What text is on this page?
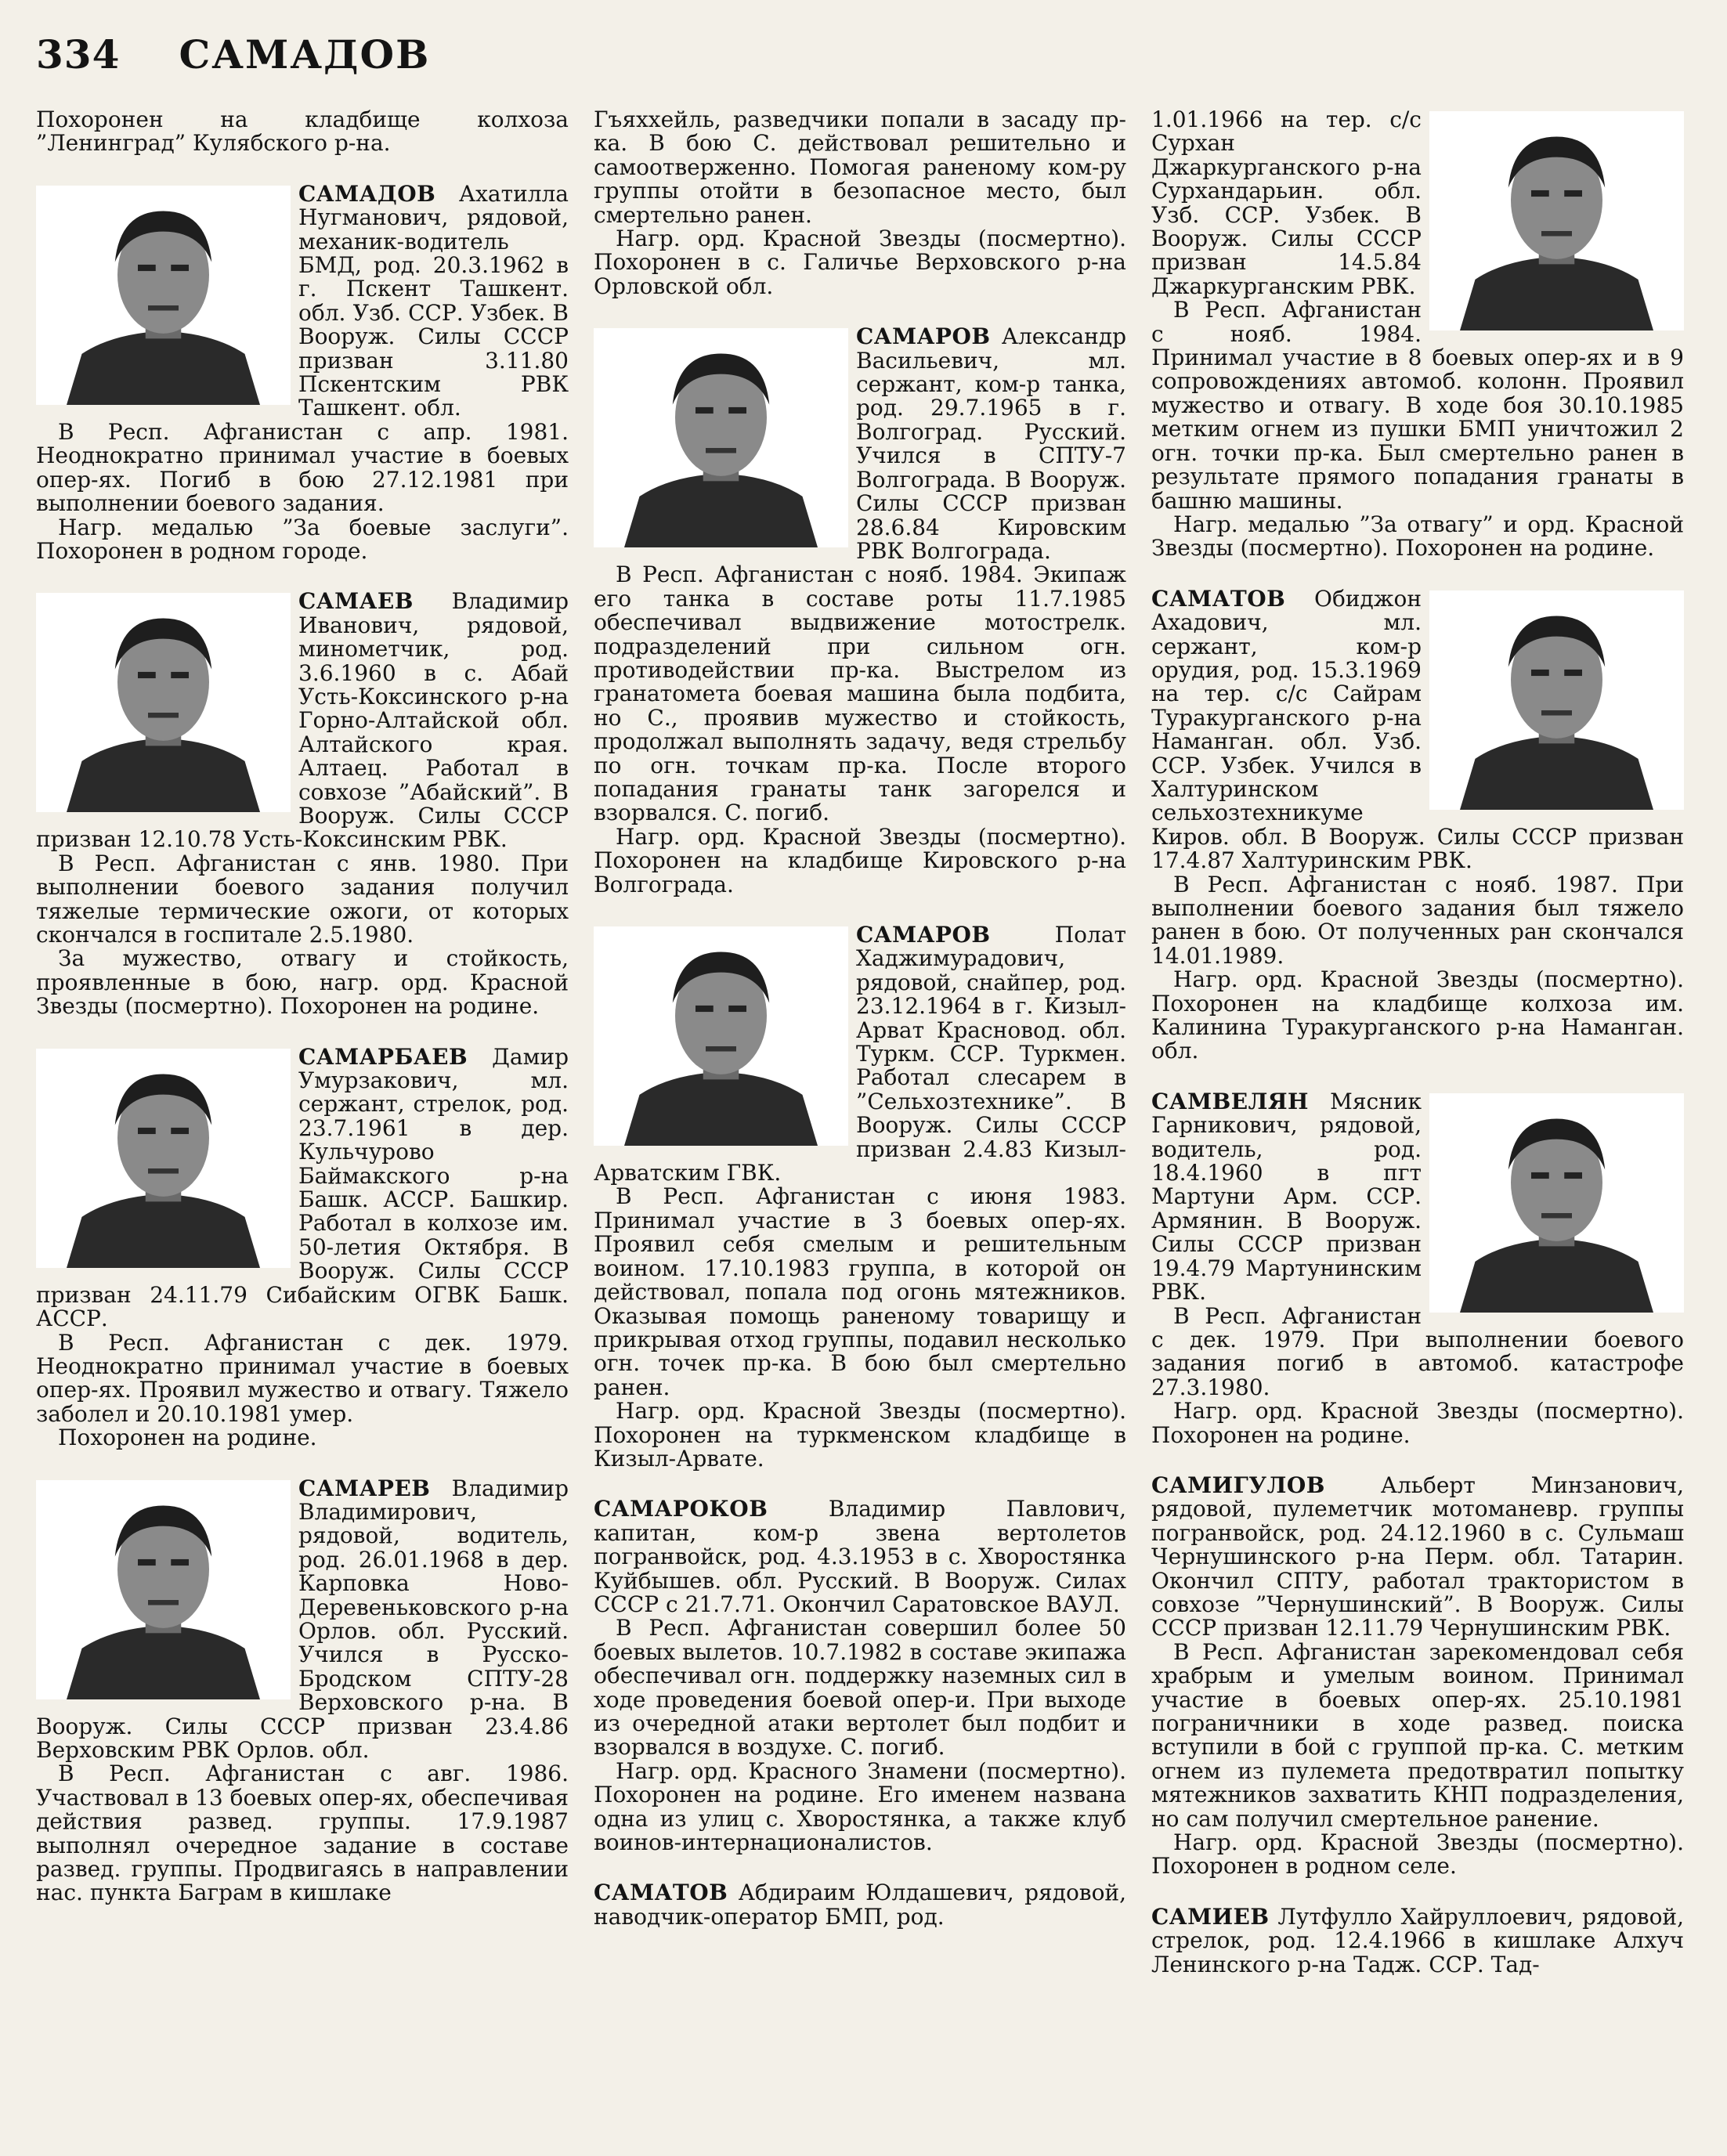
334 САМАДОВ

Похоронен на кладбище колхоза ”Ленинград” Кулябского р-на.

САМАДОВ Ахатилла Нугманович, рядовой, механик-водитель БМД, род. 20.3.1962 в г. Пскент Ташкент. обл. Узб. ССР. Узбек. В Вооруж. Силы СССР призван 3.11.80 Пскентским РВК Ташкент. обл.

В Респ. Афганистан с апр. 1981. Неоднократно принимал участие в боевых опер-ях. Погиб в бою 27.12.1981 при выполнении боевого задания.

Нагр. медалью ”За боевые заслуги”. Похоронен в родном городе.

САМАЕВ Владимир Иванович, рядовой, минометчик, род. 3.6.1960 в с. Абай Усть-Коксинского р-на Горно-Алтайской обл. Алтайского края. Алтаец. Работал в совхозе ”Абайский”. В Вооруж. Силы СССР призван 12.10.78 Усть-Коксинским РВК.

В Респ. Афганистан с янв. 1980. При выполнении боевого задания получил тяжелые термические ожоги, от которых скончался в госпитале 2.5.1980.

За мужество, отвагу и стойкость, проявленные в бою, нагр. орд. Красной Звезды (посмертно). Похоронен на родине.

САМАРБАЕВ Дамир Умурзакович, мл. сержант, стрелок, род. 23.7.1961 в дер. Кульчурово Баймакского р-на Башк. АССР. Башкир. Работал в колхозе им. 50-летия Октября. В Вооруж. Силы СССР призван 24.11.79 Сибайским ОГВК Башк. АССР.

В Респ. Афганистан с дек. 1979. Неоднократно принимал участие в боевых опер-ях. Проявил мужество и отвагу. Тяжело заболел и 20.10.1981 умер.

Похоронен на родине.

САМАРЕВ Владимир Владимирович, рядовой, водитель, род. 26.01.1968 в дер. Карповка Ново-Деревеньковского р-на Орлов. обл. Русский. Учился в Русско-Бродском СПТУ-28 Верховского р-на. В Вооруж. Силы СССР призван 23.4.86 Верховским РВК Орлов. обл.

В Респ. Афганистан с авг. 1986. Участвовал в 13 боевых опер-ях, обеспечивая действия развед. группы. 17.9.1987 выполнял очередное задание в составе развед. группы. Продвигаясь в направлении нас. пункта Баграм в кишлаке

Гъяххейль, разведчики попали в засаду пр-ка. В бою С. действовал решительно и самоотверженно. Помогая раненому ком-ру группы отойти в безопасное место, был смертельно ранен.

Нагр. орд. Красной Звезды (посмертно). Похоронен в с. Галичье Верховского р-на Орловской обл.

САМАРОВ Александр Васильевич, мл. сержант, ком-р танка, род. 29.7.1965 в г. Волгоград. Русский. Учился в СПТУ-7 Волгограда. В Вооруж. Силы СССР призван 28.6.84 Кировским РВК Волгограда.

В Респ. Афганистан с нояб. 1984. Экипаж его танка в составе роты 11.7.1985 обеспечивал выдвижение мотострелк. подразделений при сильном огн. противодействии пр-ка. Выстрелом из гранатомета боевая машина была подбита, но С., проявив мужество и стойкость, продолжал выполнять задачу, ведя стрельбу по огн. точкам пр-ка. После второго попадания гранаты танк загорелся и взорвался. С. погиб.

Нагр. орд. Красной Звезды (посмертно). Похоронен на кладбище Кировского р-на Волгограда.

САМАРОВ	Полат Хаджимурадович, рядовой, снайпер, род. 23.12.1964 в г. Кизыл-Арват Красновод. обл. Туркм. ССР. Туркмен. Работал слесарем в ”Сельхозтехнике”. В Вооруж. Силы СССР призван 2.4.83 Кизыл-Арватским ГВК.

В Респ. Афганистан с июня 1983. Принимал участие в 3 боевых опер-ях. Проявил себя смелым и решительным воином. 17.10.1983 группа, в которой он действовал, попала под огонь мятежников. Оказывая помощь раненому товарищу и прикрывая отход группы, подавил несколько огн. точек пр-ка. В бою был смертельно ранен.

Нагр. орд. Красной Звезды (посмертно). Похоронен на туркменском кладбище в Кизыл-Арвате.

САМАРОКОВ	Владимир Павлович, капитан, ком-р звена вертолетов погранвойск, род. 4.3.1953 в с. Хворостянка Куйбышев. обл. Русский. В Вооруж. Силах СССР с 21.7.71. Окончил Саратовское ВАУЛ.

В Респ. Афганистан совершил более 50 боевых вылетов. 10.7.1982 в составе экипажа обеспечивал огн. поддержку наземных сил в ходе проведения боевой опер-и. При выходе из очередной атаки вертолет был подбит и взорвался в воздухе. С. погиб.

Нагр. орд. Красного Знамени (посмертно). Похоронен на родине. Его именем названа одна из улиц с. Хворостянка, а также клуб воинов-интернационалистов.

САМАТОВ Абдираим Юлдашевич, рядовой, наводчик-оператор БМП, род.

1.01.1966 на тер. с/с Сурхан Джаркурганского р-на Сурхандарьин. обл. Узб. ССР. Узбек. В Вооруж. Силы СССР призван 14.5.84 Джаркурганским РВК.

В Респ. Афганистан с нояб. 1984. Принимал участие в 8 боевых опер-ях и в 9 сопровождениях автомоб. колонн. Проявил мужество и отвагу. В ходе боя 30.10.1985 метким огнем из пушки БМП уничтожил 2 огн. точки пр-ка. Был смертельно ранен в результате прямого попадания гранаты в башню машины.

Нагр. медалью ”За отвагу” и орд. Красной Звезды (посмертно). Похоронен на родине.

САМАТОВ Обиджон Ахадович, мл. сержант, ком-р орудия, род. 15.3.1969 на тер. с/с Сайрам Туракурганского р-на Наманган. обл. Узб. ССР. Узбек. Учился в Халтуринском сельхозтехникуме Киров. обл. В Вооруж. Силы СССР призван 17.4.87 Халтуринским РВК.

В Респ. Афганистан с нояб. 1987. При выполнении боевого задания был тяжело ранен в бою. От полученных ран скончался 14.01.1989.

Нагр. орд. Красной Звезды (посмертно). Похоронен на кладбище колхоза им. Калинина Туракурганского р-на Наманган. обл.

САМВЕЛЯН Мясник Гарникович, рядовой, водитель, род. 18.4.1960 в пгт Мартуни Арм. ССР. Армянин. В Вооруж. Силы СССР призван 19.4.79 Мартунинским РВК.

В Респ. Афганистан с дек. 1979. При выполнении боевого задания погиб в автомоб. катастрофе 27.3.1980.

Нагр. орд. Красной Звезды (посмертно). Похоронен на родине.

САМИГУЛОВ	Альберт Минзанович, рядовой, пулеметчик мотоманевр. группы погранвойск, род. 24.12.1960 в с. Сульмаш Чернушинского р-на Перм. обл. Татарин. Окончил СПТУ, работал трактористом в совхозе ”Чернушинский”. В Вооруж. Силы СССР призван 12.11.79 Чернушинским РВК.

В Респ. Афганистан зарекомендовал себя храбрым и умелым воином. Принимал участие в боевых опер-ях. 25.10.1981 пограничники в ходе развед. поиска вступили в бой с группой пр-ка. С. метким огнем из пулемета предотвратил попытку мятежников захватить КНП подразделения, но сам получил смертельное ранение.

Нагр. орд. Красной Звезды (посмертно). Похоронен в родном селе.

САМИЕВ Лутфулло Хайруллоевич, рядовой, стрелок, род. 12.4.1966 в кишлаке Алхуч Ленинского р-на Тадж. ССР. Тад-
